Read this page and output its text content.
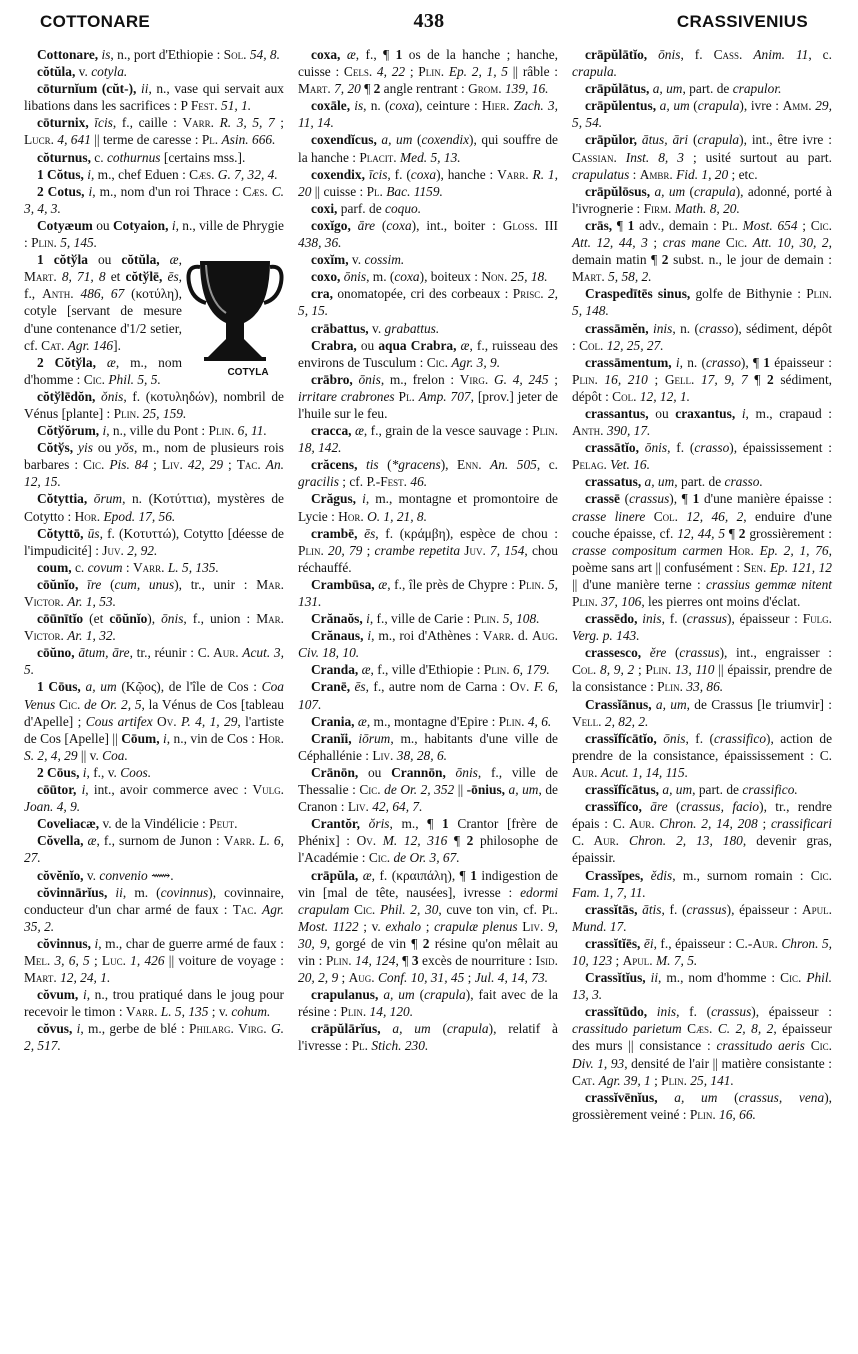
COTTONARE	438	CRASSIVENIUS

Cottonare, is, n., port d'Ethiopie : Sol. 54, 8.

cŏtŭla, v. cotyla.

cōturnĭum (cŭt-), ii, n., vase qui servait aux libations dans les sacrifices : P Fest. 51, 1.

cōturnix, īcis, f., caille : Varr. R. 3, 5, 7 ; Lucr. 4, 641 || terme de caresse : Pl. Asin. 666.

cŏturnus, c. cothurnus [certains mss.].

1 Cŏtus, i, m., chef Eduen : Cæs. G. 7, 32, 4.

2 Cotus, i, m., nom d'un roi Thrace : Cæs. C. 3, 4, 3.

Cotyæum ou Cotyaion, i, n., ville de Phrygie : Plin. 5, 145.

COTYLA

1 cŏtўla ou cŏtŭla, æ, Mart. 8, 71, 8 et cŏtўlē, ēs, f., Anth. 486, 67 (κοτύλη), cotyle [servant de mesure d'une contenance d'1/2 setier, cf. Cat. Agr. 146].

2 Cŏtўla, æ, m., nom d'homme : Cic. Phil. 5, 5.

cŏtўlēdŏn, ŏnis, f. (κοτυληδών), nombril de Vénus [plante] : Plin. 25, 159.

Cŏtўŏrum, i, n., ville du Pont : Plin. 6, 11.

Cŏtўs, yis ou yŏs, m., nom de plusieurs rois barbares : Cic. Pis. 84 ; Liv. 42, 29 ; Tac. An. 12, 15.

Cŏtyttia, ōrum, n. (Κοτύττια), mystères de Cotytto : Hor. Epod. 17, 56.

Cŏtyttō, ūs, f. (Κοτυττώ), Cotytto [déesse de l'impudicité] : Juv. 2, 92.

coum, c. covum : Varr. L. 5, 135.

cōŭnĭo, īre (cum, unus), tr., unir : Mar. Victor. Ar. 1, 53.

cōūnītĭo (et cōŭnĭo), ōnis, f., union : Mar. Victor. Ar. 1, 32.

cōŭno, ātum, āre, tr., réunir : C. Aur. Acut. 3, 5.

1 Cōus, a, um (Κῷος), de l'île de Cos : Coa Venus Cic. de Or. 2, 5, la Vénus de Cos [tableau d'Apelle] ; Cous artifex Ov. P. 4, 1, 29, l'artiste de Cos [Apelle] || Cōum, i, n., vin de Cos : Hor. S. 2, 4, 29 || v. Coa.

2 Cōus, i, f., v. Coos.

cōūtor, i, int., avoir commerce avec : Vulg. Joan. 4, 9.

Coveliacæ, v. de la Vindélicie : Peut.

Cŏvella, æ, f., surnom de Junon : Varr. L. 6, 27.

cŏvĕnĭo, v. convenio ⟿.

cŏvinnārĭus, ii, m. (covinnus), covinnaire, conducteur d'un char armé de faux : Tac. Agr. 35, 2.

cŏvinnus, i, m., char de guerre armé de faux : Mel. 3, 6, 5 ; Luc. 1, 426 || voiture de voyage : Mart. 12, 24, 1.

cŏvum, i, n., trou pratiqué dans le joug pour recevoir le timon : Varr. L. 5, 135 ; v. cohum.

cŏvus, i, m., gerbe de blé : Philarg. Virg. G. 2, 517.

coxa, æ, f., ¶ 1 os de la hanche ; hanche, cuisse : Cels. 4, 22 ; Plin. Ep. 2, 1, 5 || râble : Mart. 7, 20 ¶ 2 angle rentrant : Grom. 139, 16.

coxāle, is, n. (coxa), ceinture : Hier. Zach. 3, 11, 14.

coxendĭcus, a, um (coxendix), qui souffre de la hanche : Placit. Med. 5, 13.

coxendix, īcis, f. (coxa), hanche : Varr. R. 1, 20 || cuisse : Pl. Bac. 1159.

coxi, parf. de coquo.

coxĭgo, āre (coxa), int., boiter : Gloss. III 438, 36.

coxĭm, v. cossim.

coxo, ōnis, m. (coxa), boiteux : Non. 25, 18.

cra, onomatopée, cri des corbeaux : Prisc. 2, 5, 15.

crābattus, v. grabattus.

Crabra, ou aqua Crabra, æ, f., ruisseau des environs de Tusculum : Cic. Agr. 3, 9.

crābro, ōnis, m., frelon : Virg. G. 4, 245 ; irritare crabrones Pl. Amp. 707, [prov.] jeter de l'huile sur le feu.

cracca, æ, f., grain de la vesce sauvage : Plin. 18, 142.

crăcens, tis (*gracens), Enn. An. 505, c. gracilis ; cf. P.-Fest. 46.

Crăgus, i, m., montagne et promontoire de Lycie : Hor. O. 1, 21, 8.

crambē, ēs, f. (κράμβη), espèce de chou : Plin. 20, 79 ; crambe repetita Juv. 7, 154, chou réchauffé.

Crambūsa, æ, f., île près de Chypre : Plin. 5, 131.

Crănaŏs, i, f., ville de Carie : Plin. 5, 108.

Crănaus, i, m., roi d'Athènes : Varr. d. Aug. Civ. 18, 10.

Cranda, æ, f., ville d'Ethiopie : Plin. 6, 179.

Cranē, ēs, f., autre nom de Carna : Ov. F. 6, 107.

Crania, æ, m., montagne d'Epire : Plin. 4, 6.

Cranĭi, iōrum, m., habitants d'une ville de Céphallénie : Liv. 38, 28, 6.

Crānōn, ou Crannōn, ōnis, f., ville de Thessalie : Cic. de Or. 2, 352 || -ōnius, a, um, de Cranon : Liv. 42, 64, 7.

Crantŏr, ŏris, m., ¶ 1 Crantor [frère de Phénix] : Ov. M. 12, 316 ¶ 2 philosophe de l'Académie : Cic. de Or. 3, 67.

crāpŭla, æ, f. (κραιπάλη), ¶ 1 indigestion de vin [mal de tête, nausées], ivresse : edormi crapulam Cic. Phil. 2, 30, cuve ton vin, cf. Pl. Most. 1122 ; v. exhalo ; crapulæ plenus Liv. 9, 30, 9, gorgé de vin ¶ 2 résine qu'on mêlait au vin : Plin. 14, 124, ¶ 3 excès de nourriture : Isid. 20, 2, 9 ; Aug. Conf. 10, 31, 45 ; Jul. 4, 14, 73.

crapulanus, a, um (crapula), fait avec de la résine : Plin. 14, 120.

crāpŭlārĭus, a, um (crapula), relatif à l'ivresse : Pl. Stich. 230.

crāpŭlātĭo, ōnis, f. Cass. Anim. 11, c. crapula.

crāpŭlātus, a, um, part. de crapulor.

crāpŭlentus, a, um (crapula), ivre : Amm. 29, 5, 54.

crāpŭlor, ātus, āri (crapula), int., être ivre : Cassian. Inst. 8, 3 ; usité surtout au part. crapulatus : Ambr. Fid. 1, 20 ; etc.

crāpŭlōsus, a, um (crapula), adonné, porté à l'ivrognerie : Firm. Math. 8, 20.

crās, ¶ 1 adv., demain : Pl. Most. 654 ; Cic. Att. 12, 44, 3 ; cras mane Cic. Att. 10, 30, 2, demain matin ¶ 2 subst. n., le jour de demain : Mart. 5, 58, 2.

Craspedītēs sinus, golfe de Bithynie : Plin. 5, 148.

crassāmĕn, inis, n. (crasso), sédiment, dépôt : Col. 12, 25, 27.

crassāmentum, i, n. (crasso), ¶ 1 épaisseur : Plin. 16, 210 ; Gell. 17, 9, 7 ¶ 2 sédiment, dépôt : Col. 12, 12, 1.

crassantus, ou craxantus, i, m., crapaud : Anth. 390, 17.

crassātĭo, ōnis, f. (crasso), épaississement : Pelag. Vet. 16.

crassatus, a, um, part. de crasso.

crassē (crassus), ¶ 1 d'une manière épaisse : crasse linere Col. 12, 46, 2, enduire d'une couche épaisse, cf. 12, 44, 5 ¶ 2 grossièrement : crasse compositum carmen Hor. Ep. 2, 1, 76, poème sans art || confusément : Sen. Ep. 121, 12 || d'une manière terne : crassius gemmæ nitent Plin. 37, 106, les pierres ont moins d'éclat.

crassēdo, inis, f. (crassus), épaisseur : Fulg. Verg. p. 143.

crassesco, ĕre (crassus), int., engraisser : Col. 8, 9, 2 ; Plin. 13, 110 || épaissir, prendre de la consistance : Plin. 33, 86.

Crassĭānus, a, um, de Crassus [le triumvir] : Vell. 2, 82, 2.

crassĭfĭcātĭo, ōnis, f. (crassifico), action de prendre de la consistance, épaississement : C. Aur. Acut. 1, 14, 115.

crassĭfĭcātus, a, um, part. de crassifico.

crassĭfĭco, āre (crassus, facio), tr., rendre épais : C. Aur. Chron. 2, 14, 208 ; crassificari C. Aur. Chron. 2, 13, 180, devenir gras, épaissir.

Crassĭpes, ĕdis, m., surnom romain : Cic. Fam. 1, 7, 11.

crassĭtās, ātis, f. (crassus), épaisseur : Apul. Mund. 17.

crassĭtĭēs, ēi, f., épaisseur : C.-Aur. Chron. 5, 10, 123 ; Apul. M. 7, 5.

Crassĭtĭus, ii, m., nom d'homme : Cic. Phil. 13, 3.

crassĭtūdo, inis, f. (crassus), épaisseur : crassitudo parietum Cæs. C. 2, 8, 2, épaisseur des murs || consistance : crassitudo aeris Cic. Div. 1, 93, densité de l'air || matière consistante : Cat. Agr. 39, 1 ; Plin. 25, 141.

crassĭvēnĭus, a, um (crassus, vena), grossièrement veiné : Plin. 16, 66.
